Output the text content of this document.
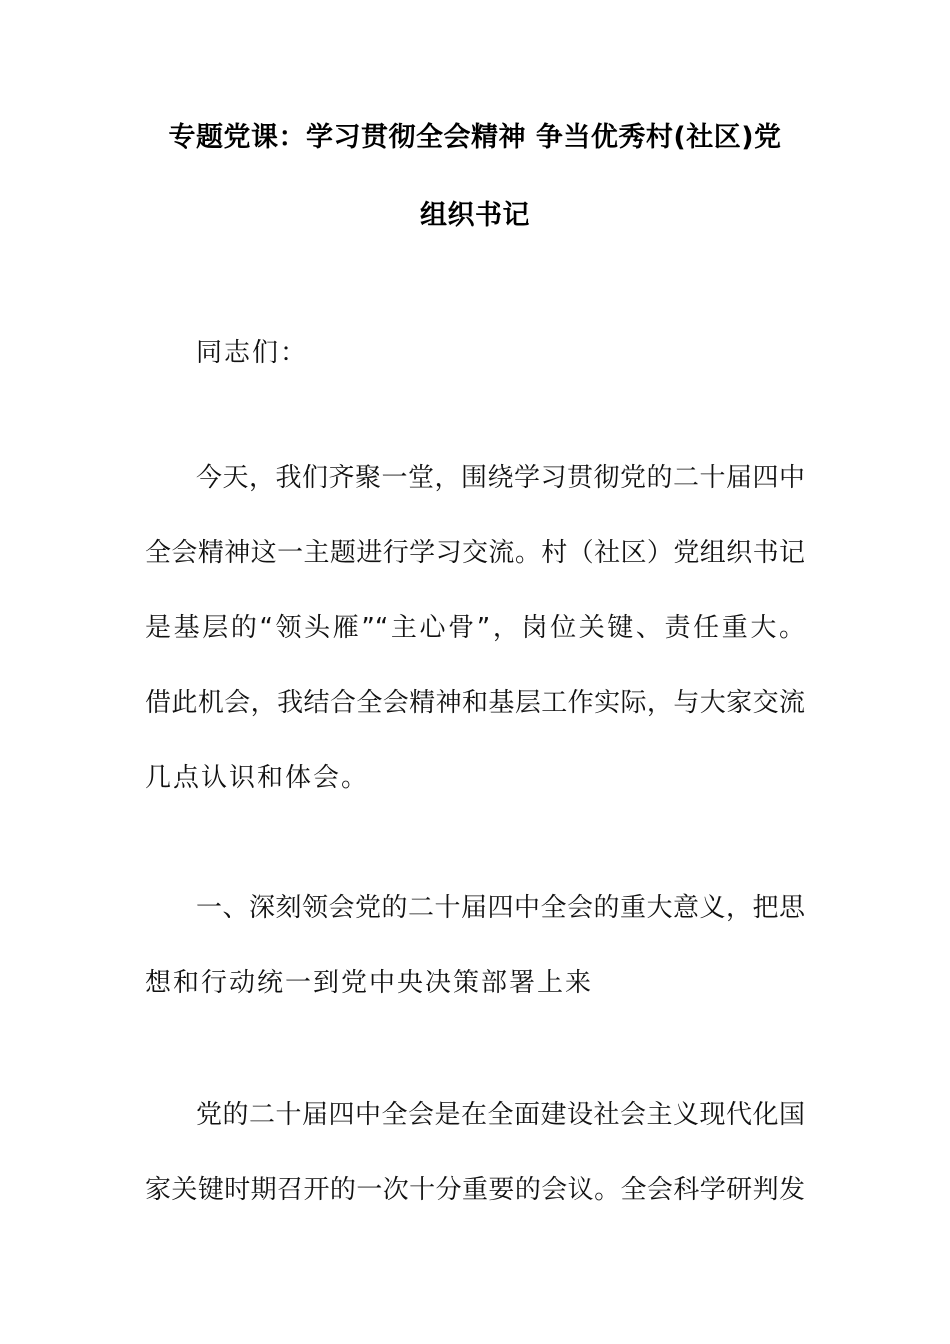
专题党课：学习贯彻全会精神 争当优秀村(社区)党
组织书记
同志们：
今天，我们齐聚一堂，围绕学习贯彻党的二十届四中
全会精神这一主题进行学习交流。村（社区）党组织书记
是基层的“领头雁”“主心骨”，岗位关键、责任重大。
借此机会，我结合全会精神和基层工作实际，与大家交流
几点认识和体会。
一、深刻领会党的二十届四中全会的重大意义，把思
想和行动统一到党中央决策部署上来
党的二十届四中全会是在全面建设社会主义现代化国
家关键时期召开的一次十分重要的会议。全会科学研判发
